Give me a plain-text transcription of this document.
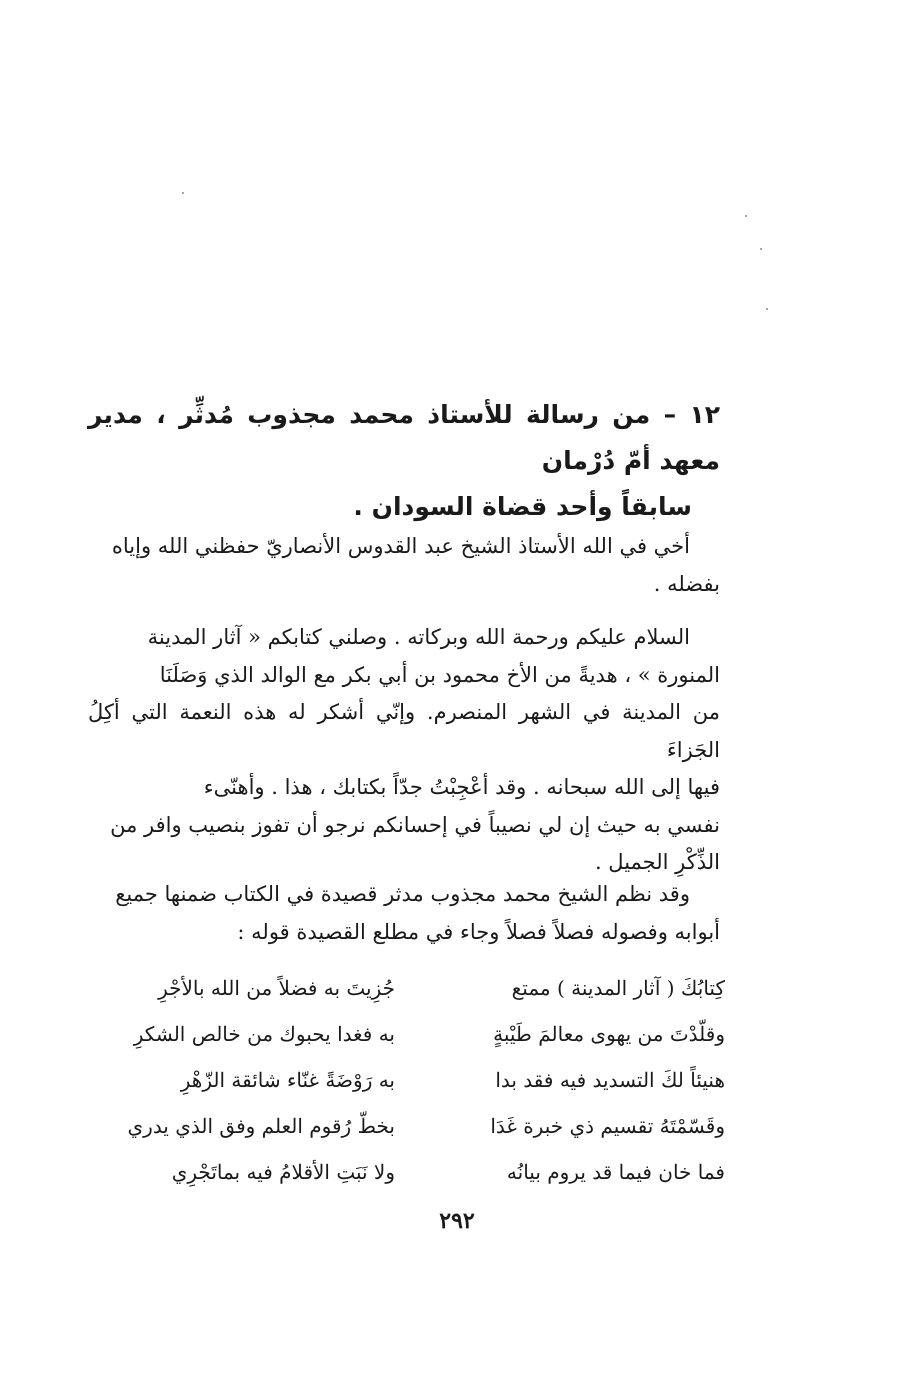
١٢ – من رسالة للأستاذ محمد مجذوب مُدثِّر ، مدير معهد أمّ دُرْمان
سابقاً وأحد قضاة السودان .
أخي في الله الأستاذ الشيخ عبد القدوس الأنصاريّ حفظني الله وإياه
بفضله .
السلام عليكم ورحمة الله وبركاته . وصلني كتابكم « آثار المدينة
المنورة » ، هديةً من الأخ محمود بن أبي بكر مع الوالد الذي وَصَلَنَا
من المدينة في الشهر المنصرم. وإنّي أشكر له هذه النعمة التي أكِلُ الجَزاءَ
فيها إلى الله سبحانه . وقد أعْجِبْتُ جدّاً بكتابك ، هذا . وأهنّىء
نفسي به حيث إن لي نصيباً في إحسانكم نرجو أن تفوز بنصيب وافر من
الذِّكْرِ الجميل .
وقد نظم الشيخ محمد مجذوب مدثر قصيدة في الكتاب ضمنها جميع
أبوابه وفصوله فصلاً فصلاً وجاء في مطلع القصيدة قوله :
كِتابُكَ ( آثار المدينة ) ممتع
جُزِيتَ به فضلاً من الله بالأجْرِ
وقلّدْتَ من يهوى معالمَ طَيْبةٍ
به فغدا يحبوك من خالص الشكرِ
هنيئاً لكَ التسديد فيه فقد بدا
به رَوْضَةً غنّاء شائقة الزّهْرِ
وقَسّمْتَهُ تقسيم ذي خبرة غَدَا
بخطّ رُقوم العلم وفق الذي يدري
فما خان فيما قد يروم بيانُه
ولا نَبَتِ الأقلامُ فيه بماتَجْرِي
٢٩٢
